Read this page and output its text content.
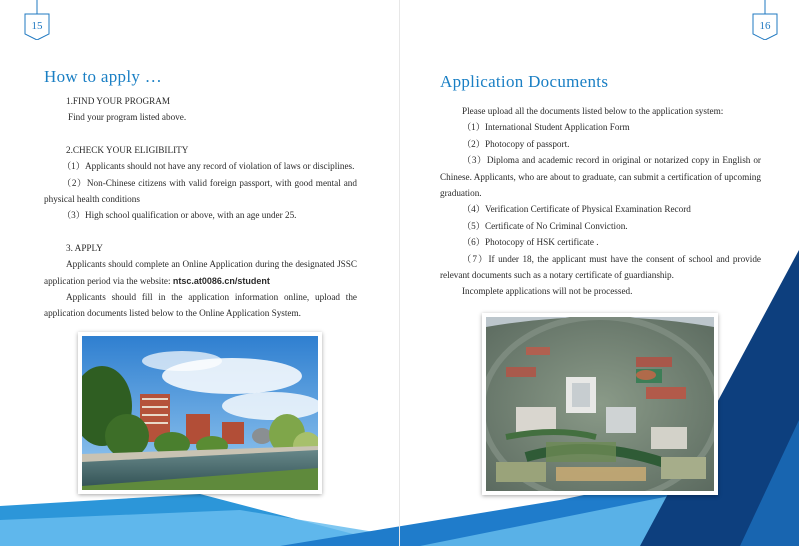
15
How to apply …

1.FIND YOUR PROGRAM

Find your program listed above.

2.CHECK YOUR ELIGIBILITY

（1）Applicants should not have any record of violation of laws or disciplines.

（2）Non-Chinese citizens with valid foreign passport, with good mental and physical health conditions

（3）High school qualification or above, with an age under 25.

3. APPLY

Applicants should complete an Online Application during the designated JSSC application period via the website: ntsc.at0086.cn/student

Applicants should fill in the application information online, upload the application documents listed below to the Online Application System.

16
Application Documents

Please upload all the documents listed below to the application system:

（1）International Student Application Form

（2）Photocopy of passport.

（3）Diploma and academic record in original or notarized copy in English or Chinese. Applicants, who are about to graduate, can submit a certification of upcoming graduation.

（4）Verification Certificate of Physical Examination Record

（5）Certificate of No Criminal Conviction.

（6）Photocopy of HSK certificate .

（7）If under 18, the applicant must have the consent of school and provide relevant documents such as a notary certificate of guardianship.

Incomplete applications will not be processed.
